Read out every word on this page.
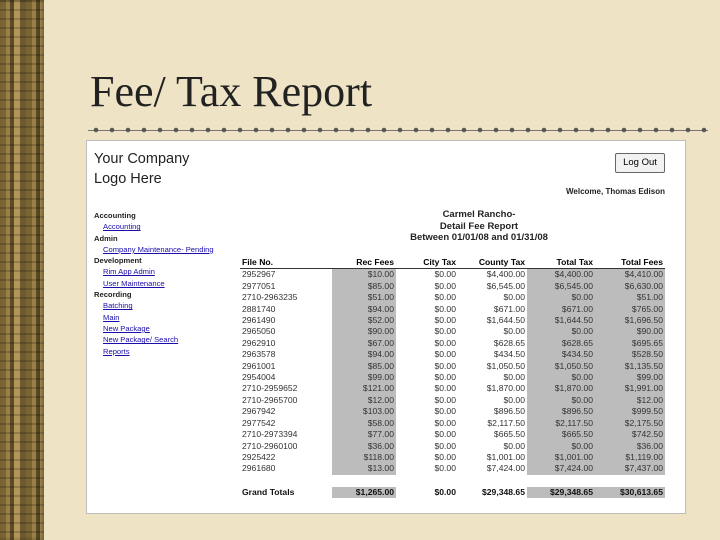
Fee/ Tax Report
Your Company
Logo Here
Log Out
Welcome, Thomas Edison
Accounting
Accounting
Admin
Company Maintenance- Pending
Development
Rim App Admin
User Maintenance
Recording
Batching
Main
New Package
New Package/ Search
Reports
Carmel Rancho-
Detail Fee Report
Between 01/01/08 and 01/31/08
File No.	Rec Fees	City Tax	County Tax	Total Tax	Total Fees
2952967	$10.00	$0.00	$4,400.00	$4,400.00	$4,410.00
2977051	$85.00	$0.00	$6,545.00	$6,545.00	$6,630.00
2710-2963235	$51.00	$0.00	$0.00	$0.00	$51.00
2881740	$94.00	$0.00	$671.00	$671.00	$765.00
2961490	$52.00	$0.00	$1,644.50	$1,644.50	$1,696.50
2965050	$90.00	$0.00	$0.00	$0.00	$90.00
2962910	$67.00	$0.00	$628.65	$628.65	$695.65
2963578	$94.00	$0.00	$434.50	$434.50	$528.50
2961001	$85.00	$0.00	$1,050.50	$1,050.50	$1,135.50
2954004	$99.00	$0.00	$0.00	$0.00	$99.00
2710-2959652	$121.00	$0.00	$1,870.00	$1,870.00	$1,991.00
2710-2965700	$12.00	$0.00	$0.00	$0.00	$12.00
2967942	$103.00	$0.00	$896.50	$896.50	$999.50
2977542	$58.00	$0.00	$2,117.50	$2,117.50	$2,175.50
2710-2973394	$77.00	$0.00	$665.50	$665.50	$742.50
2710-2960100	$36.00	$0.00	$0.00	$0.00	$36.00
2925422	$118.00	$0.00	$1,001.00	$1,001.00	$1,119.00
2961680	$13.00	$0.00	$7,424.00	$7,424.00	$7,437.00

Grand Totals	$1,265.00	$0.00	$29,348.65	$29,348.65	$30,613.65
